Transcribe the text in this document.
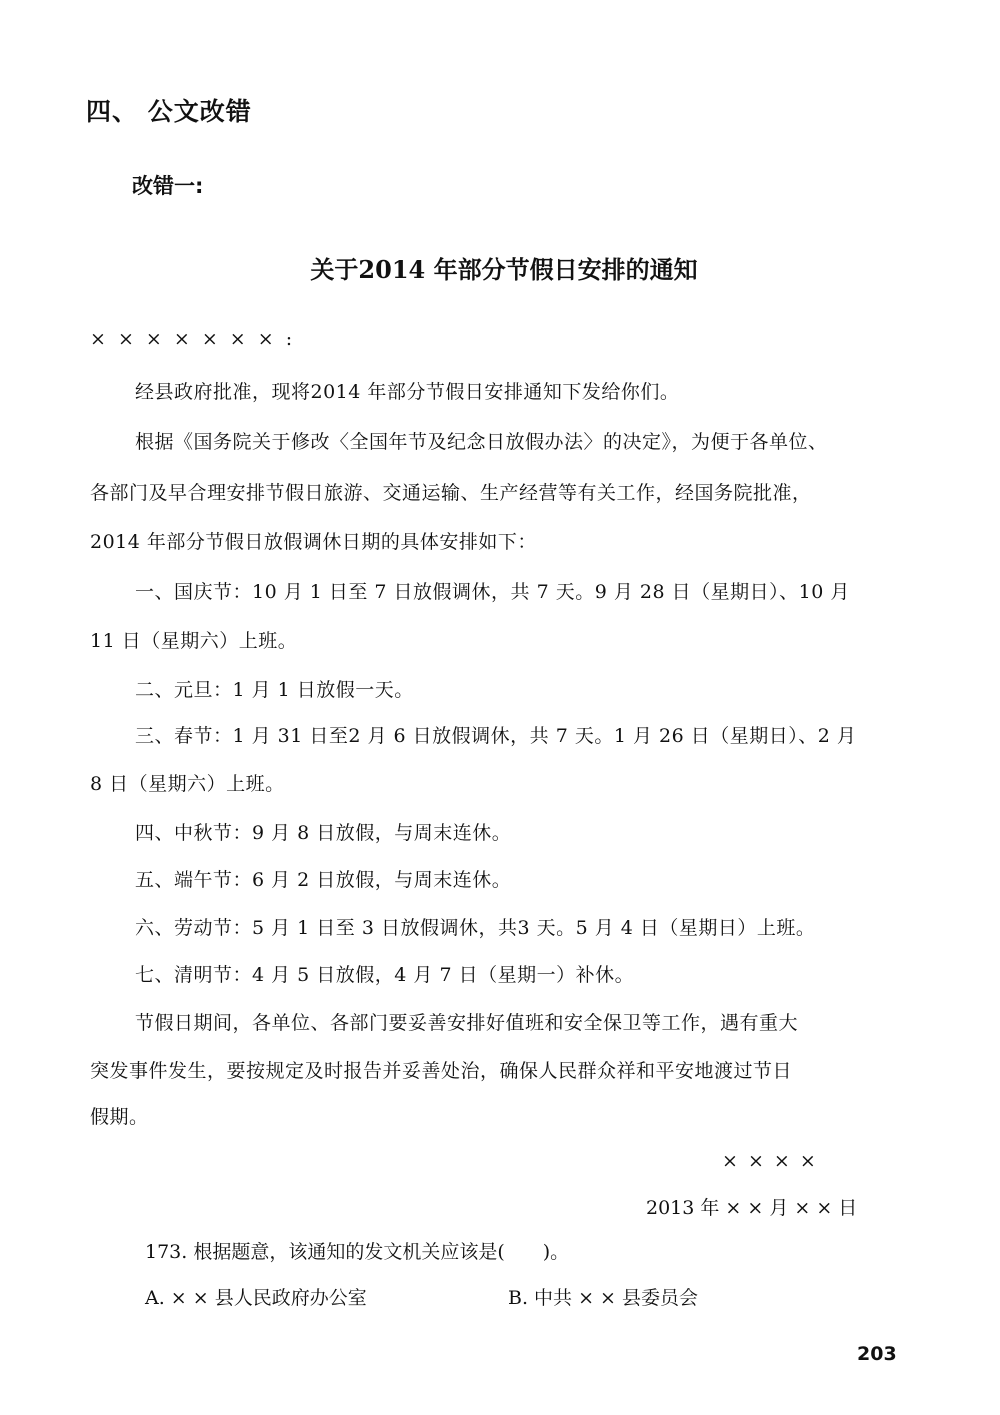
四、 公文改错
改错一:
关于2014 年部分节假日安排的通知
× × × × × × × :
经县政府批准，现将2014 年部分节假日安排通知下发给你们。
根据《国务院关于修改〈全国年节及纪念日放假办法〉的决定》，为便于各单位、
各部门及早合理安排节假日旅游、交通运输、生产经营等有关工作，经国务院批准，
2014 年部分节假日放假调休日期的具体安排如下：
一、国庆节：10 月 1 日至 7 日放假调休，共 7 天。9 月 28 日（星期日）、10 月
11 日（星期六）上班。
二、元旦：1 月 1 日放假一天。
三、春节：1 月 31 日至2 月 6 日放假调休，共 7 天。1 月 26 日（星期日）、2 月
8 日（星期六）上班。
四、中秋节：9 月 8 日放假，与周末连休。
五、端午节：6 月 2 日放假，与周末连休。
六、劳动节：5 月 1 日至 3 日放假调休，共3 天。5 月 4 日（星期日）上班。
七、清明节：4 月 5 日放假，4 月 7 日（星期一）补休。
节假日期间，各单位、各部门要妥善安排好值班和安全保卫等工作，遇有重大
突发事件发生，要按规定及时报告并妥善处治，确保人民群众祥和平安地渡过节日
假期。
× × × ×
2013 年 × × 月 × × 日
173. 根据题意，该通知的发文机关应该是(　　)。
A. × × 县人民政府办公室	B. 中共 × × 县委员会
203
